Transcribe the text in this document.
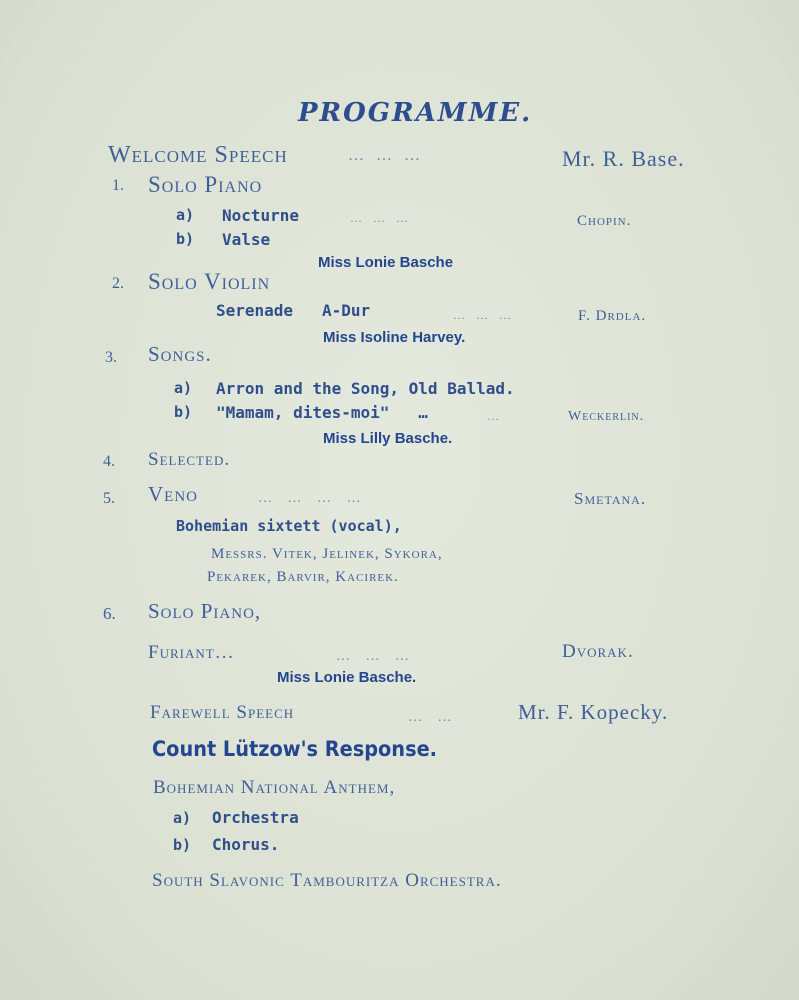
PROGRAMME.
Welcome Speech	… … …	Mr. R. Base.
1. Solo Piano
a) Nocturne	… … …	Chopin.
b) Valse
Miss Lonie Basche
2. Solo Violin
Serenade   A-Dur	… … …	F. Drdla.
Miss Isoline Harvey.
3. Songs.
a) Arron and the Song, Old Ballad.
b) "Mamam, dites-moi"   …	…	Weckerlin.
Miss Lilly Basche.
4. Selected.
5. Veno	… … … …	Smetana.
Bohemian sixtett (vocal),
Messrs. Vitek, Jelinek, Sykora,
Pekarek, Barvir, Kacirek.
6. Solo Piano,
Furiant…	… … …	Dvorak.
Miss Lonie Basche.
Farewell Speech	… …	Mr. F. Kopecky.
Count Lützow's Response.
Bohemian National Anthem,
a) Orchestra
b) Chorus.
South Slavonic Tambouritza Orchestra.
